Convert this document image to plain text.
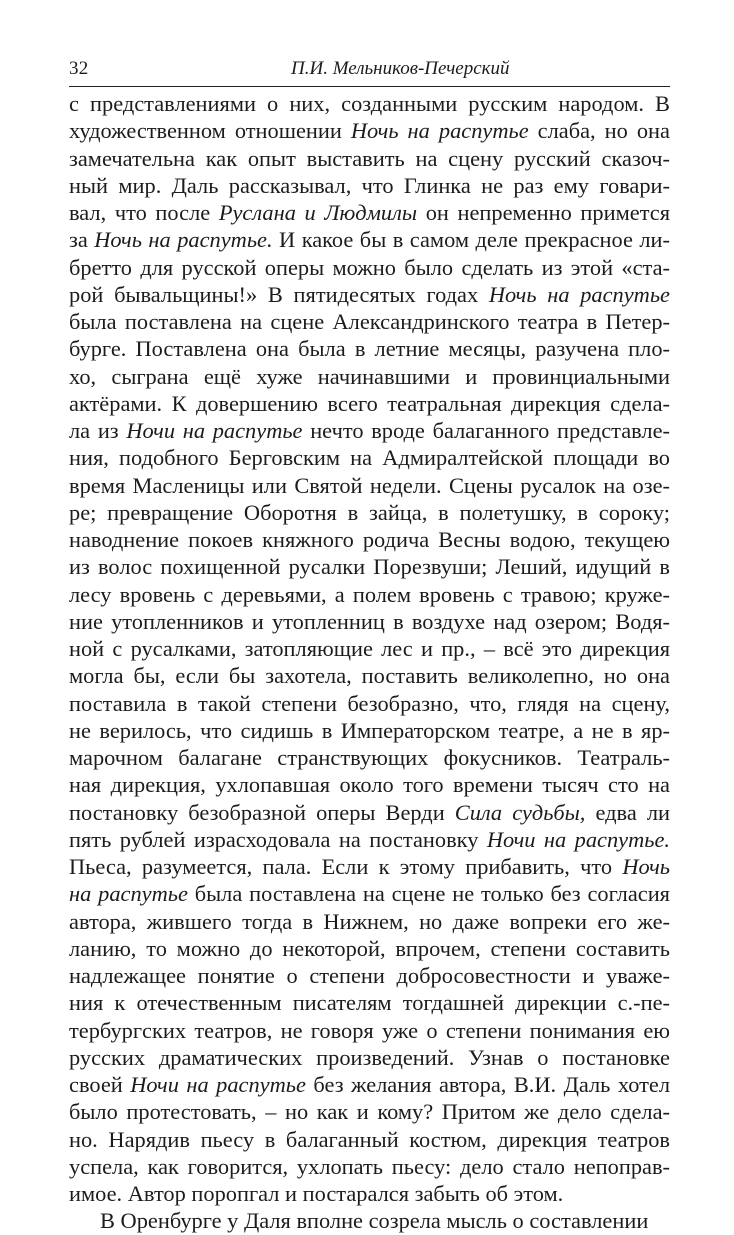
32	П.И. Мельников-Печерский
с представлениями о них, созданными русским народом. В
художественном отношении Ночь на распутье слаба, но она
замечательна как опыт выставить на сцену русский сказоч-
ный мир. Даль рассказывал, что Глинка не раз ему говари-
вал, что после Руслана и Людмилы он непременно примется
за Ночь на распутье. И какое бы в самом деле прекрасное ли-
бретто для русской оперы можно было сделать из этой «ста-
рой бывальщины!» В пятидесятых годах Ночь на распутье
была поставлена на сцене Александринского театра в Петер-
бурге. Поставлена она была в летние месяцы, разучена пло-
хо, сыграна ещё хуже начинавшими и провинциальными
актёрами. К довершению всего театральная дирекция сдела-
ла из Ночи на распутье нечто вроде балаганного представле-
ния, подобного Берговским на Адмиралтейской площади во
время Масленицы или Святой недели. Сцены русалок на озе-
ре; превращение Оборотня в зайца, в полетушку, в сороку;
наводнение покоев княжного родича Весны водою, текущею
из волос похищенной русалки Порезвуши; Леший, идущий в
лесу вровень с деревьями, а полем вровень с травою; круже-
ние утопленников и утопленниц в воздухе над озером; Водя-
ной с русалками, затопляющие лес и пр., – всё это дирекция
могла бы, если бы захотела, поставить великолепно, но она
поставила в такой степени безобразно, что, глядя на сцену,
не верилось, что сидишь в Императорском театре, а не в яр-
марочном балагане странствующих фокусников. Театраль-
ная дирекция, ухлопавшая около того времени тысяч сто на
постановку безобразной оперы Верди Сила судьбы, едва ли
пять рублей израсходовала на постановку Ночи на распутье.
Пьеса, разумеется, пала. Если к этому прибавить, что Ночь
на распутье была поставлена на сцене не только без согласия
автора, жившего тогда в Нижнем, но даже вопреки его же-
ланию, то можно до некоторой, впрочем, степени составить
надлежащее понятие о степени добросовестности и уваже-
ния к отечественным писателям тогдашней дирекции с.-пе-
тербургских театров, не говоря уже о степени понимания ею
русских драматических произведений. Узнав о постановке
своей Ночи на распутье без желания автора, В.И. Даль хотел
было протестовать, – но как и кому? Притом же дело сдела-
но. Нарядив пьесу в балаганный костюм, дирекция театров
успела, как говорится, ухлопать пьесу: дело стало непоправ-
имое. Автор поропгал и постарался забыть об этом.
В Оренбурге у Даля вполне созрела мысль о составлении
